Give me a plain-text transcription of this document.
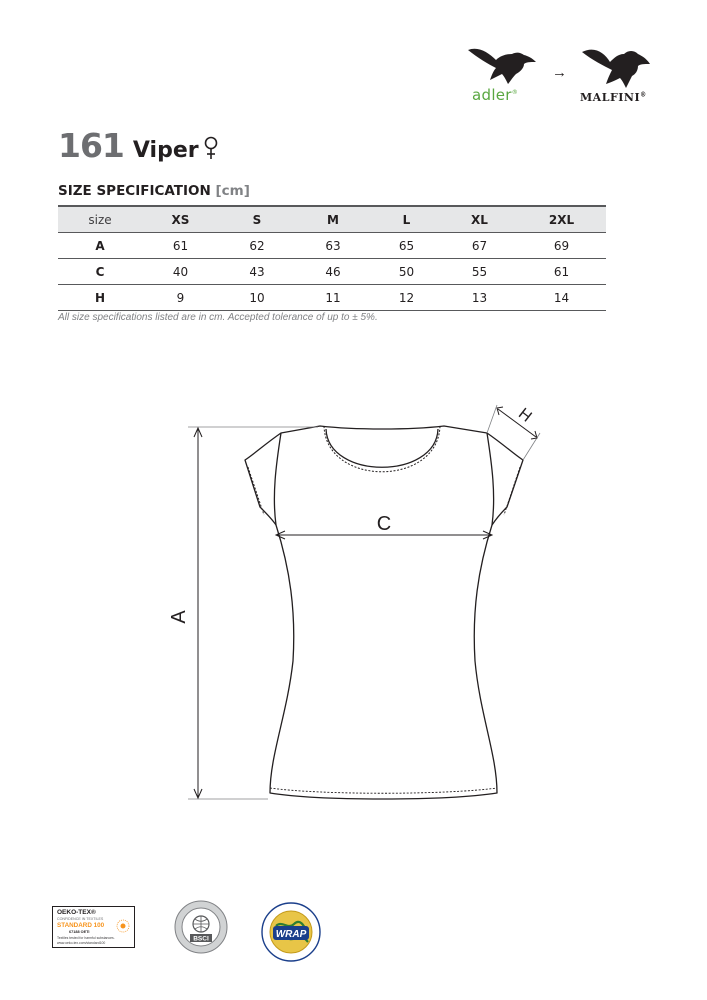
adler®
→
MALFINI®
161 Viper
SIZE SPECIFICATION [cm]
size	XS	S	M	L	XL	2XL
A	61	62	63	65	67	69
C	40	43	46	50	55	61
H	9	10	11	12	13	14
All size specifications listed are in cm. Accepted tolerance of up to ± 5%.
A
C
H
OEKO-TEX®
CONFIDENCE IN TEXTILES
STANDARD 100
67188 OETI
Textiles tested for harmful substances.
www.oeko-tex.com/standard100
BSCI	WRAP
